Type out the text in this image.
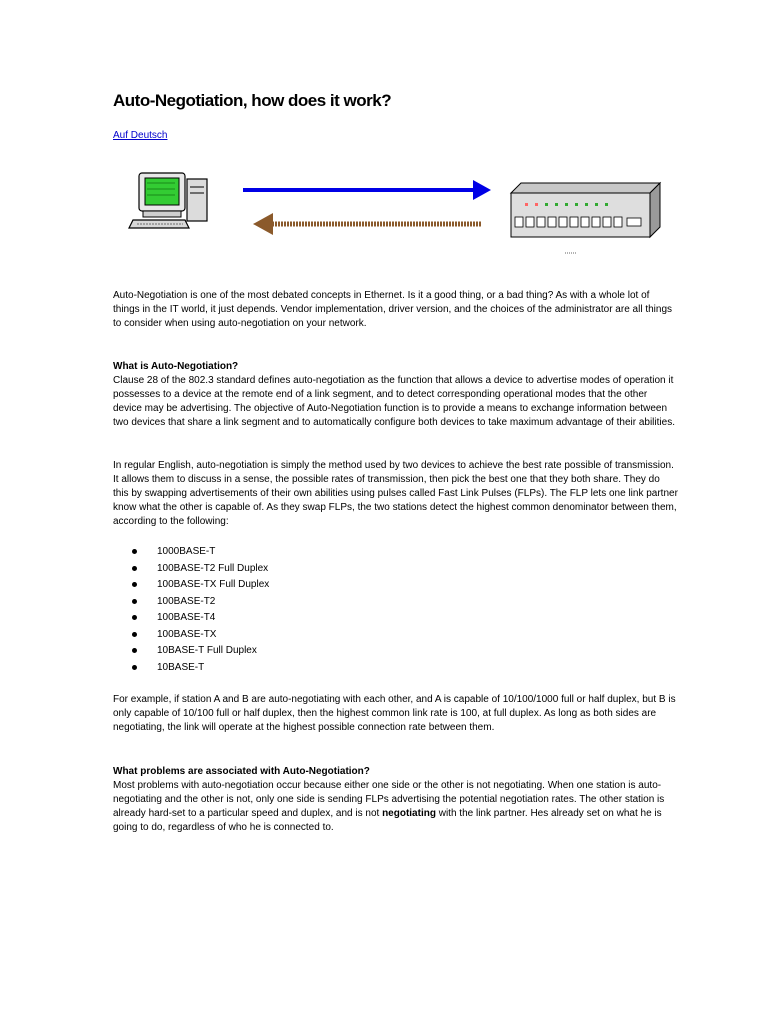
Auto-Negotiation, how does it work?
Auf Deutsch

Auto-Negotiation is one of the most debated concepts in Ethernet. Is it a good thing, or a bad thing? As with a whole lot of things in the IT world, it just depends. Vendor implementation, driver version, and the choices of the administrator are all things to consider when using auto-negotiation on your network.

What is Auto-Negotiation?

Clause 28 of the 802.3 standard defines auto-negotiation as the function that allows a device to advertise modes of operation it possesses to a device at the remote end of a link segment, and to detect corresponding operational modes that the other device may be advertising. The objective of Auto-Negotiation function is to provide a means to exchange information between two devices that share a link segment and to automatically configure both devices to take maximum advantage of their abilities.

In regular English, auto-negotiation is simply the method used by two devices to achieve the best rate possible of transmission. It allows them to discuss in a sense, the possible rates of transmission, then pick the best one that they both share. They do this by swapping advertisements of their own abilities using pulses called Fast Link Pulses (FLPs). The FLP lets one link partner know what the other is capable of. As they swap FLPs, the two stations detect the highest common denominator between them, according to the following:

1000BASE-T
100BASE-T2 Full Duplex
100BASE-TX Full Duplex
100BASE-T2
100BASE-T4
100BASE-TX
10BASE-T Full Duplex
10BASE-T

For example, if station A and B are auto-negotiating with each other, and A is capable of 10/100/1000 full or half duplex, but B is only capable of 10/100 full or half duplex, then the highest common link rate is 100, at full duplex. As long as both sides are negotiating, the link will operate at the highest possible connection rate between them.

What problems are associated with Auto-Negotiation?

Most problems with auto-negotiation occur because either one side or the other is not negotiating. When one station is auto-negotiating and the other is not, only one side is sending FLPs advertising the potential negotiation rates. The other station is already hard-set to a particular speed and duplex, and is not negotiating with the link partner. Hes already set on what he is going to do, regardless of who he is connected to.
